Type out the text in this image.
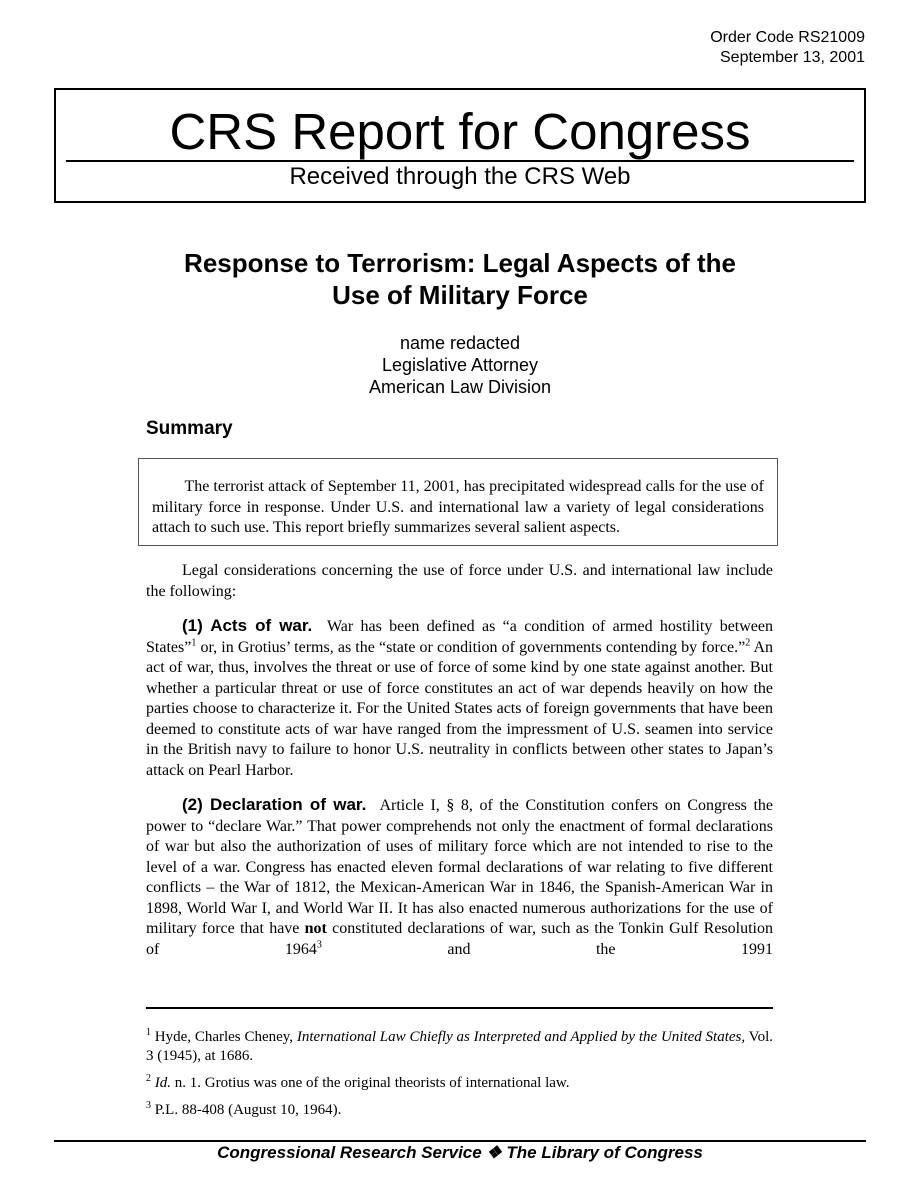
Order Code RS21009
September 13, 2001
CRS Report for Congress
Received through the CRS Web
Response to Terrorism: Legal Aspects of the
Use of Military Force
name redacted
Legislative Attorney
American Law Division
Summary
The terrorist attack of September 11, 2001, has precipitated widespread calls for the use of military force in response. Under U.S. and international law a variety of legal considerations attach to such use. This report briefly summarizes several salient aspects.

Legal considerations concerning the use of force under U.S. and international law include the following:

(1) Acts of war. War has been defined as “a condition of armed hostility between States”$^1$ or, in Grotius’ terms, as the “state or condition of governments contending by force.”$^2$ An act of war, thus, involves the threat or use of force of some kind by one state against another. But whether a particular threat or use of force constitutes an act of war depends heavily on how the parties choose to characterize it. For the United States acts of foreign governments that have been deemed to constitute acts of war have ranged from the impressment of U.S. seamen into service in the British navy to failure to honor U.S. neutrality in conflicts between other states to Japan’s attack on Pearl Harbor.

(2) Declaration of war. Article I, § 8, of the Constitution confers on Congress the power to “declare War.” That power comprehends not only the enactment of formal declarations of war but also the authorization of uses of military force which are not intended to rise to the level of a war. Congress has enacted eleven formal declarations of war relating to five different conflicts – the War of 1812, the Mexican-American War in 1846, the Spanish-American War in 1898, World War I, and World War II. It has also enacted numerous authorizations for the use of military force that have not constituted declarations of war, such as the Tonkin Gulf Resolution of 1964$^3$ and the 1991

$^1$ Hyde, Charles Cheney, International Law Chiefly as Interpreted and Applied by the United States, Vol. 3 (1945), at 1686.

$^2$ Id. n. 1. Grotius was one of the original theorists of international law.

$^3$ P.L. 88-408 (August 10, 1964).

Congressional Research Service ❖ The Library of Congress
